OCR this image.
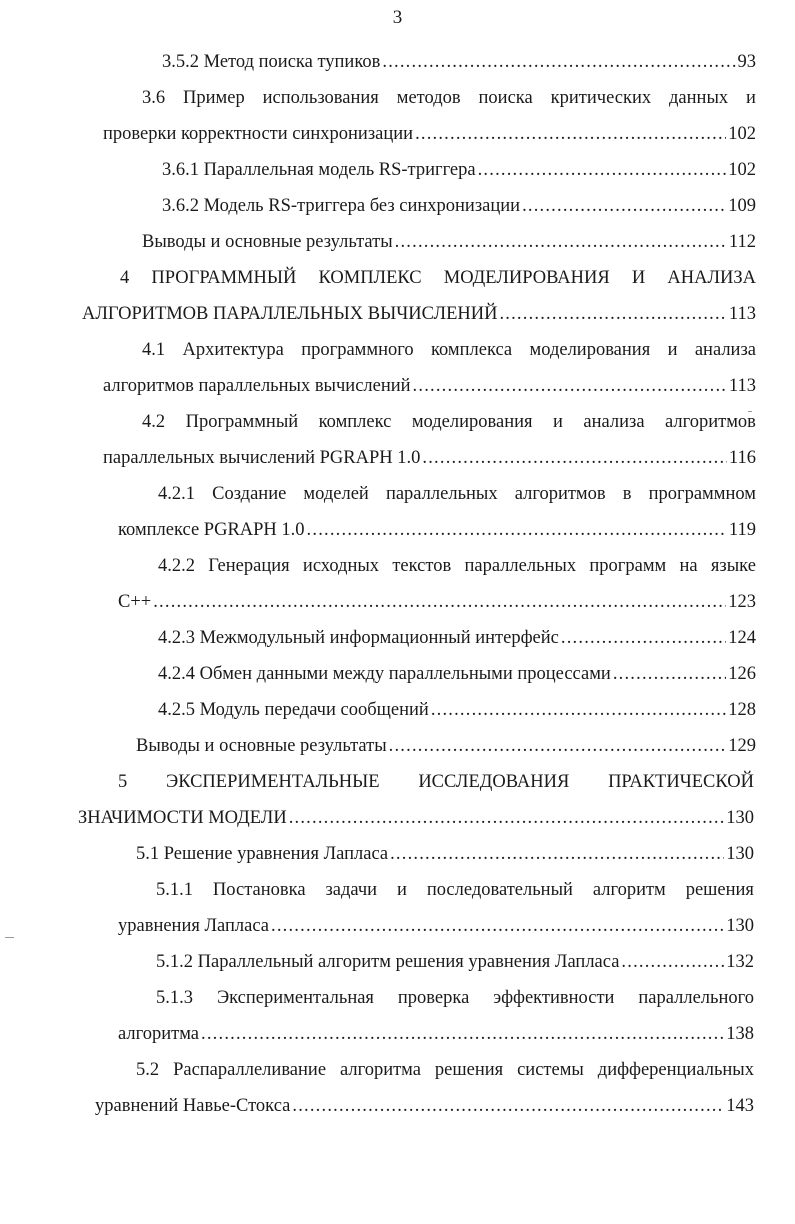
3
3.5.2 Метод поиска тупиков .....	93
3.6 Пример использования методов поиска критических данных и
проверки корректности синхронизации .....	102
3.6.1 Параллельная модель RS-триггера .....	102
3.6.2 Модель RS-триггера без синхронизации .....	109
Выводы и основные результаты .....	112
4 ПРОГРАММНЫЙ КОМПЛЕКС МОДЕЛИРОВАНИЯ И АНАЛИЗА
АЛГОРИТМОВ ПАРАЛЛЕЛЬНЫХ ВЫЧИСЛЕНИЙ .....	113
4.1 Архитектура программного комплекса моделирования и анализа
алгоритмов параллельных вычислений .....	113
4.2 Программный комплекс моделирования и анализа алгоритмов
параллельных вычислений PGRAPH 1.0 .....	116
4.2.1 Создание моделей параллельных алгоритмов в программном
комплексе PGRAPH 1.0 .....	119
4.2.2 Генерация исходных текстов параллельных программ на языке
C++ .....	123
4.2.3 Межмодульный информационный интерфейс .....	124
4.2.4 Обмен данными между параллельными процессами .....	126
4.2.5 Модуль передачи сообщений .....	128
Выводы и основные результаты .....	129
5 ЭКСПЕРИМЕНТАЛЬНЫЕ ИССЛЕДОВАНИЯ ПРАКТИЧЕСКОЙ
ЗНАЧИМОСТИ МОДЕЛИ .....	130
5.1 Решение уравнения Лапласа .....	130
5.1.1 Постановка задачи и последовательный алгоритм решения
уравнения Лапласа .....	130
5.1.2 Параллельный алгоритм решения уравнения Лапласа .....	132
5.1.3 Экспериментальная проверка эффективности параллельного
алгоритма .....	138
5.2 Распараллеливание алгоритма решения системы дифференциальных
уравнений Навье-Стокса .....	143
